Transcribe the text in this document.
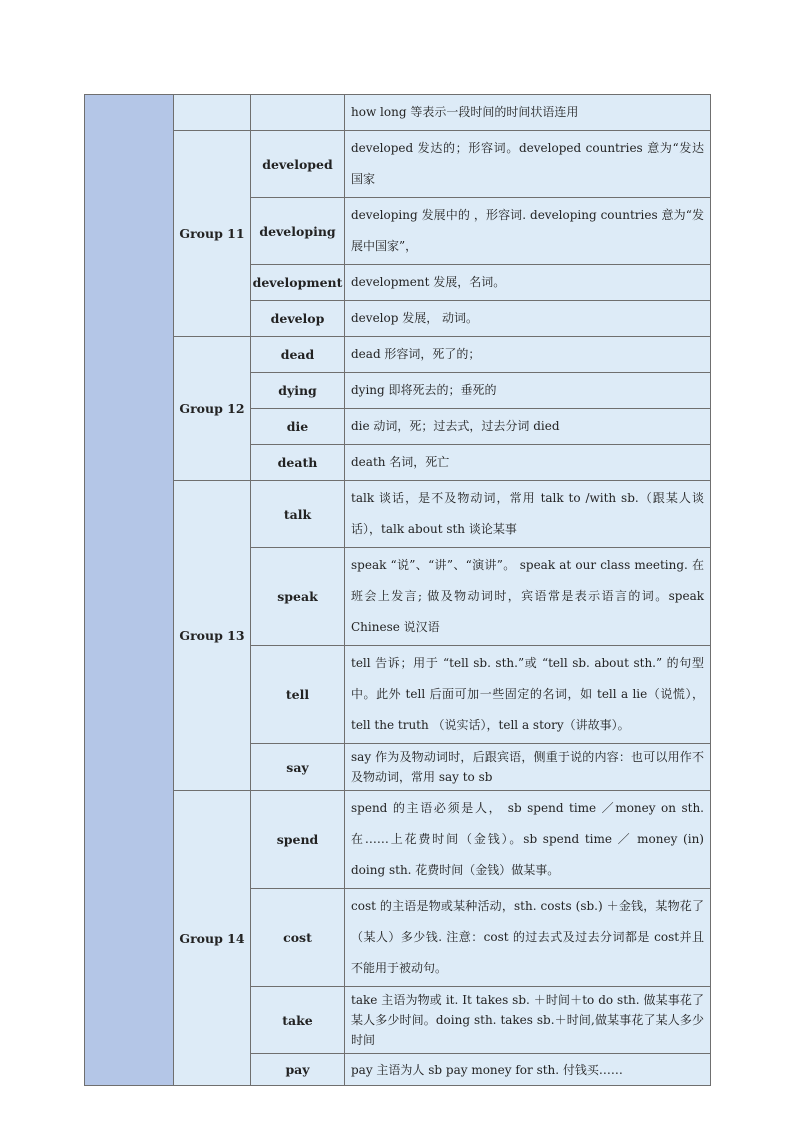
			how long 等表示一段时间的时间状语连用

	Group 11	developed	developed 发达的；形容词。developed countries 意为“发达国家

		developing	developing 发展中的 ，形容词. developing countries 意为“发展中国家”，

		development	development 发展，名词。

		develop	develop 发展， 动词。

	Group 12	dead	dead 形容词，死了的；

		dying	dying 即将死去的；垂死的

		die	die 动词，死；过去式，过去分词 died

		death	death 名词，死亡

	Group 13	talk	talk 谈话，是不及物动词，常用 talk to /with sb.（跟某人谈话），talk about sth 谈论某事

		speak	speak “说”、“讲”、“演讲”。 speak at our class meeting. 在班会上发言; 做及物动词时，宾语常是表示语言的词。speak Chinese 说汉语

		tell	tell 告诉；用于 “tell sb. sth.”或 “tell sb. about sth.” 的句型中。此外 tell 后面可加一些固定的名词，如 tell a lie（说慌），tell the truth （说实话），tell a story（讲故事）。

		say	say 作为及物动词时，后跟宾语，侧重于说的内容：也可以用作不及物动词，常用 say to sb

	Group 14	spend	spend 的主语必须是人， sb spend time ／money on sth. 在……上花费时间（金钱）。sb spend time ／ money (in) doing sth. 花费时间（金钱）做某事。

		cost	cost 的主语是物或某种活动，sth. costs (sb.) ＋金钱，某物花了（某人）多少钱. 注意：cost 的过去式及过去分词都是 cost并且不能用于被动句。

		take	take 主语为物或 it. It takes sb. ＋时间＋to do sth. 做某事花了某人多少时间。doing sth. takes sb.＋时间,做某事花了某人多少时间

		pay	pay 主语为人 sb pay money for sth. 付钱买……
